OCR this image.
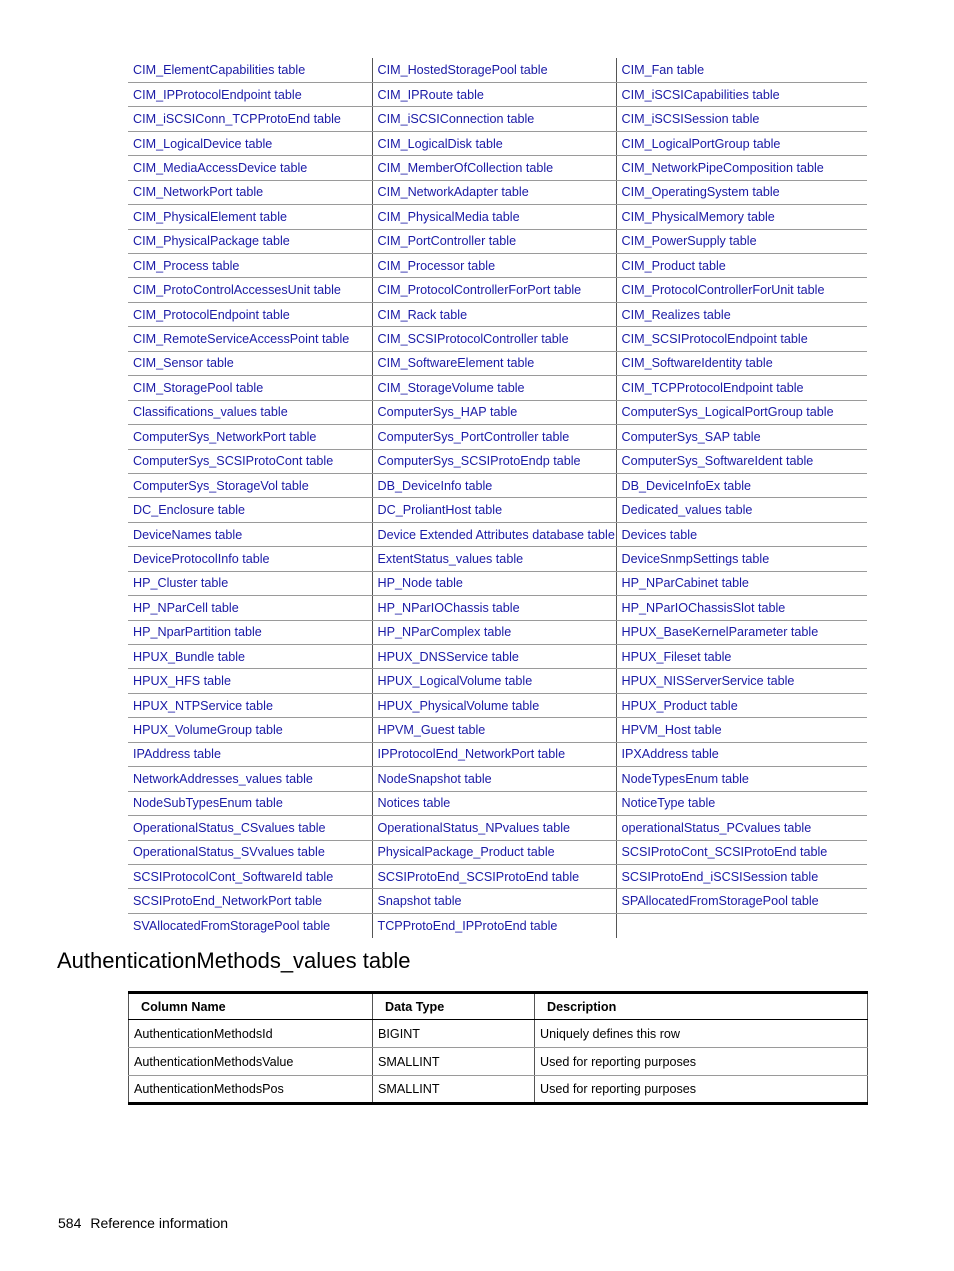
CIM_ElementCapabilities table	CIM_HostedStoragePool table	CIM_Fan table
CIM_IPProtocolEndpoint table	CIM_IPRoute table	CIM_iSCSICapabilities table
CIM_iSCSIConn_TCPProtoEnd table	CIM_iSCSIConnection table	CIM_iSCSISession table
CIM_LogicalDevice table	CIM_LogicalDisk table	CIM_LogicalPortGroup table
CIM_MediaAccessDevice table	CIM_MemberOfCollection table	CIM_NetworkPipeComposition table
CIM_NetworkPort table	CIM_NetworkAdapter table	CIM_OperatingSystem table
CIM_PhysicalElement table	CIM_PhysicalMedia table	CIM_PhysicalMemory table
CIM_PhysicalPackage table	CIM_PortController table	CIM_PowerSupply table
CIM_Process table	CIM_Processor table	CIM_Product table
CIM_ProtoControlAccessesUnit table	CIM_ProtocolControllerForPort table	CIM_ProtocolControllerForUnit table
CIM_ProtocolEndpoint table	CIM_Rack table	CIM_Realizes table
CIM_RemoteServiceAccessPoint table	CIM_SCSIProtocolController table	CIM_SCSIProtocolEndpoint table
CIM_Sensor table	CIM_SoftwareElement table	CIM_SoftwareIdentity table
CIM_StoragePool table	CIM_StorageVolume table	CIM_TCPProtocolEndpoint table
Classifications_values table	ComputerSys_HAP table	ComputerSys_LogicalPortGroup table
ComputerSys_NetworkPort table	ComputerSys_PortController table	ComputerSys_SAP table
ComputerSys_SCSIProtoCont table	ComputerSys_SCSIProtoEndp table	ComputerSys_SoftwareIdent table
ComputerSys_StorageVol table	DB_DeviceInfo table	DB_DeviceInfoEx table
DC_Enclosure table	DC_ProliantHost table	Dedicated_values table
DeviceNames table	Device Extended Attributes database table	Devices table
DeviceProtocolInfo table	ExtentStatus_values table	DeviceSnmpSettings table
HP_Cluster table	HP_Node table	HP_NParCabinet table
HP_NParCell table	HP_NParIOChassis table	HP_NParIOChassisSlot table
HP_NparPartition table	HP_NParComplex table	HPUX_BaseKernelParameter table
HPUX_Bundle table	HPUX_DNSService table	HPUX_Fileset table
HPUX_HFS table	HPUX_LogicalVolume table	HPUX_NISServerService table
HPUX_NTPService table	HPUX_PhysicalVolume table	HPUX_Product table
HPUX_VolumeGroup table	HPVM_Guest table	HPVM_Host table
IPAddress table	IPProtocolEnd_NetworkPort table	IPXAddress table
NetworkAddresses_values table	NodeSnapshot table	NodeTypesEnum table
NodeSubTypesEnum table	Notices table	NoticeType table
OperationalStatus_CSvalues table	OperationalStatus_NPvalues table	operationalStatus_PCvalues table
OperationalStatus_SVvalues table	PhysicalPackage_Product table	SCSIProtoCont_SCSIProtoEnd table
SCSIProtocolCont_SoftwareId table	SCSIProtoEnd_SCSIProtoEnd table	SCSIProtoEnd_iSCSISession table
SCSIProtoEnd_NetworkPort table	Snapshot table	SPAllocatedFromStoragePool table
SVAllocatedFromStoragePool table	TCPProtoEnd_IPProtoEnd table	
AuthenticationMethods_values table
Column Name	Data Type	Description
AuthenticationMethodsId	BIGINT	Uniquely defines this row
AuthenticationMethodsValue	SMALLINT	Used for reporting purposes
AuthenticationMethodsPos	SMALLINT	Used for reporting purposes
584 Reference information
